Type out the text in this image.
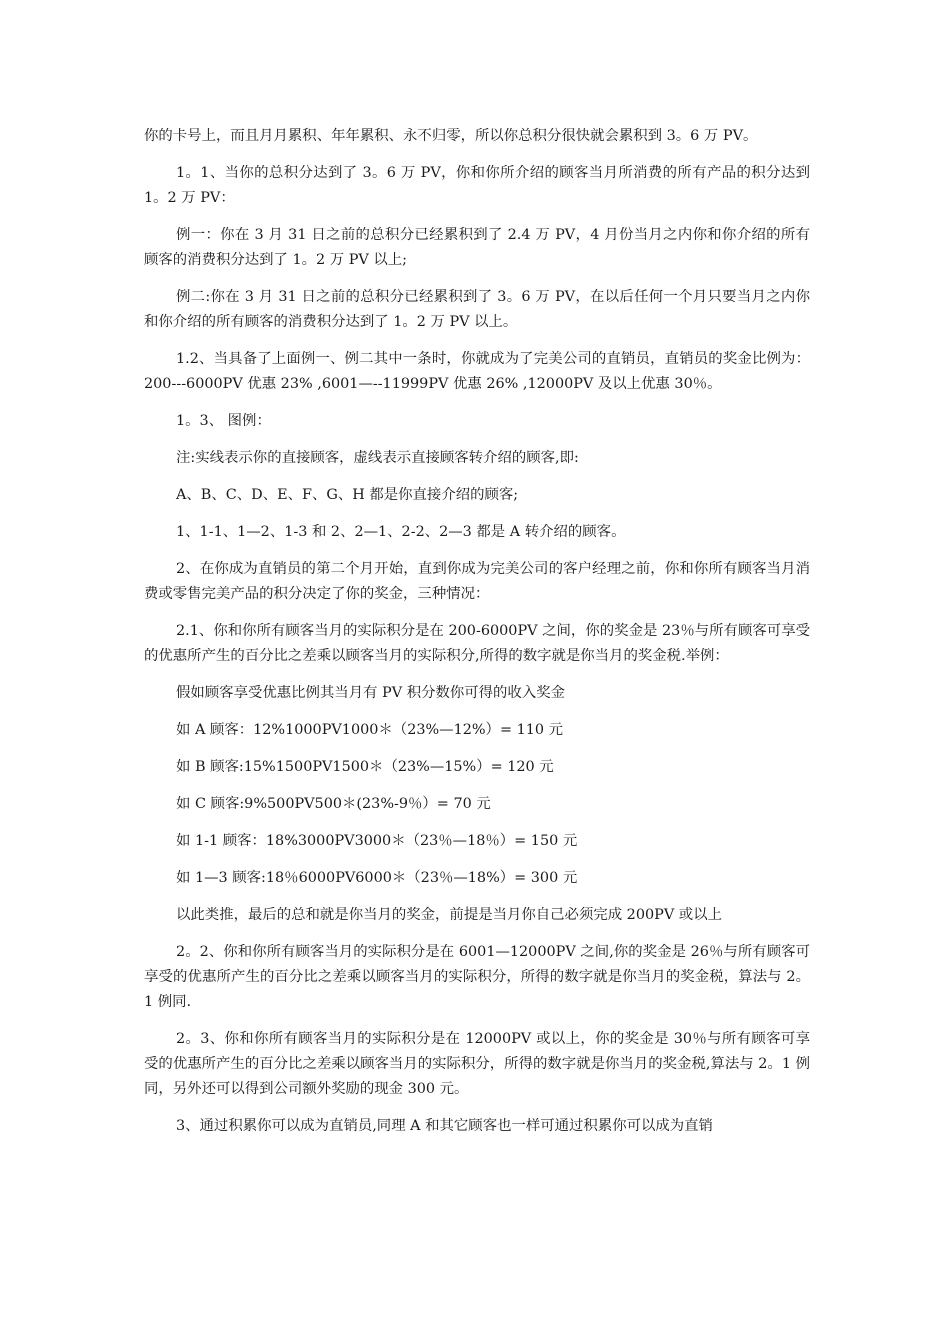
你的卡号上，而且月月累积、年年累积、永不归零，所以你总积分很快就会累积到 3。6 万 PV。

1。1、当你的总积分达到了 3。6 万 PV，你和你所介绍的顾客当月所消费的所有产品的积分达到 1。2 万 PV：

例一：你在 3 月 31 日之前的总积分已经累积到了 2.4 万 PV，4 月份当月之内你和你介绍的所有顾客的消费积分达到了 1。2 万 PV 以上;

例二:你在 3 月 31 日之前的总积分已经累积到了 3。6 万 PV，在以后任何一个月只要当月之内你和你介绍的所有顾客的消费积分达到了 1。2 万 PV 以上。

1.2、当具备了上面例一、例二其中一条时，你就成为了完美公司的直销员，直销员的奖金比例为：200---6000PV 优惠 23% ,6001—--11999PV 优惠 26% ,12000PV 及以上优惠 30％。

1。3、 图例：

注:实线表示你的直接顾客，虚线表示直接顾客转介绍的顾客,即:

A、B、C、D、E、F、G、H 都是你直接介绍的顾客;

1、1-1、1—2、1-3 和 2、2—1、2-2、2—3 都是 A 转介绍的顾客。

2、在你成为直销员的第二个月开始，直到你成为完美公司的客户经理之前，你和你所有顾客当月消费或零售完美产品的积分决定了你的奖金，三种情况：

2.1、你和你所有顾客当月的实际积分是在 200-6000PV 之间，你的奖金是 23％与所有顾客可享受的优惠所产生的百分比之差乘以顾客当月的实际积分,所得的数字就是你当月的奖金税.举例：

假如顾客享受优惠比例其当月有 PV 积分数你可得的收入奖金

如 A 顾客：12%1000PV1000＊（23%—12%）= 110 元

如 B 顾客:15%1500PV1500＊（23%—15%）= 120 元

如 C 顾客:9%500PV500＊(23%-9％）= 70 元

如 1-1 顾客：18%3000PV3000＊（23％—18％）= 150 元

如 1—3 顾客:18％6000PV6000＊（23％—18%）= 300 元

以此类推，最后的总和就是你当月的奖金，前提是当月你自己必须完成 200PV 或以上

2。2、你和你所有顾客当月的实际积分是在 6001—12000PV 之间,你的奖金是 26％与所有顾客可享受的优惠所产生的百分比之差乘以顾客当月的实际积分，所得的数字就是你当月的奖金税，算法与 2。1 例同.

2。3、你和你所有顾客当月的实际积分是在 12000PV 或以上，你的奖金是 30％与所有顾客可享受的优惠所产生的百分比之差乘以顾客当月的实际积分，所得的数字就是你当月的奖金税,算法与 2。1 例同，另外还可以得到公司额外奖励的现金 300 元。

3、通过积累你可以成为直销员,同理 A 和其它顾客也一样可通过积累你可以成为直销
